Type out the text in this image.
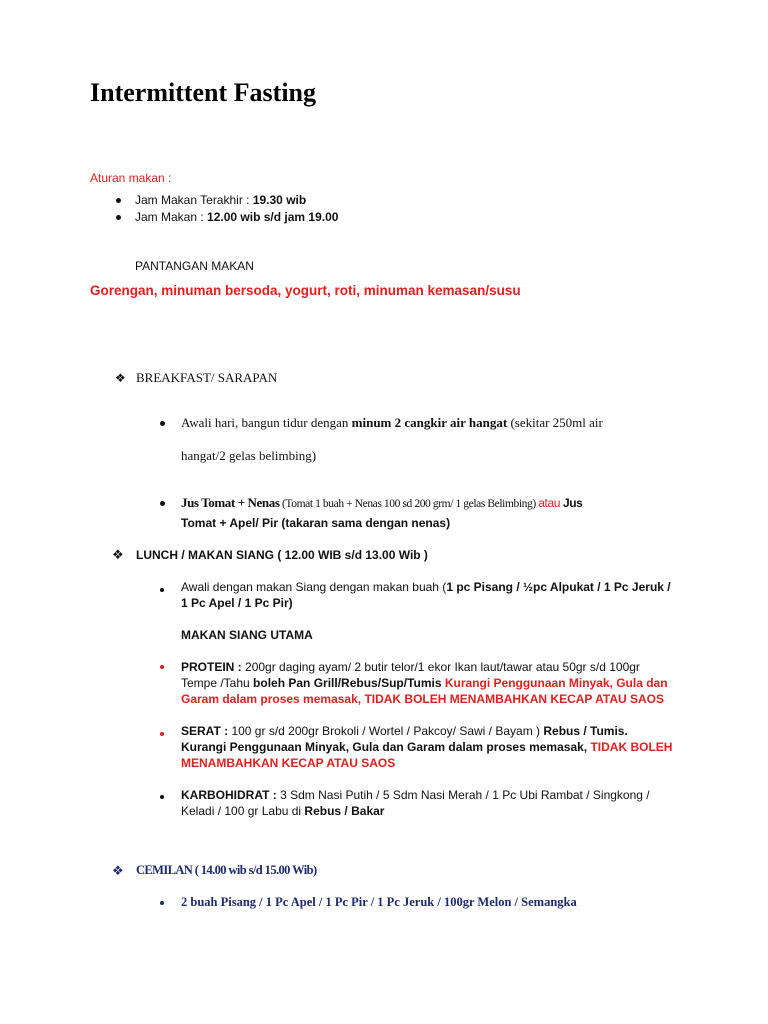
Intermittent Fasting
Aturan makan :
Jam Makan Terakhir : 19.30 wib
Jam Makan : 12.00 wib s/d jam 19.00
PANTANGAN MAKAN
Gorengan, minuman bersoda, yogurt, roti, minuman kemasan/susu
❖ BREAKFAST/ SARAPAN
Awali hari, bangun tidur dengan minum 2 cangkir air hangat (sekitar 250ml air
hangat/2 gelas belimbing)
Jus Tomat + Nenas (Tomat 1 buah + Nenas 100 sd 200 grm/ 1 gelas Belimbing) atau Jus
Tomat + Apel/ Pir (takaran sama dengan nenas)
❖ LUNCH / MAKAN SIANG ( 12.00 WIB s/d 13.00 Wib )
Awali dengan makan Siang dengan makan buah (1 pc Pisang / ½pc Alpukat / 1 Pc Jeruk /
1 Pc Apel / 1 Pc Pir)
MAKAN SIANG UTAMA
PROTEIN : 200gr daging ayam/ 2 butir telor/1 ekor Ikan laut/tawar atau 50gr s/d 100gr
Tempe /Tahu boleh Pan Grill/Rebus/Sup/Tumis Kurangi Penggunaan Minyak, Gula dan
Garam dalam proses memasak, TIDAK BOLEH MENAMBAHKAN KECAP ATAU SAOS
SERAT : 100 gr s/d 200gr Brokoli / Wortel / Pakcoy/ Sawi / Bayam ) Rebus / Tumis.
Kurangi Penggunaan Minyak, Gula dan Garam dalam proses memasak, TIDAK BOLEH
MENAMBAHKAN KECAP ATAU SAOS
KARBOHIDRAT : 3 Sdm Nasi Putih / 5 Sdm Nasi Merah / 1 Pc Ubi Rambat / Singkong /
Keladi / 100 gr Labu di Rebus / Bakar
❖ CEMILAN ( 14.00 wib s/d 15.00 Wib)
2 buah Pisang / 1 Pc Apel / 1 Pc Pir / 1 Pc Jeruk / 100gr Melon / Semangka
